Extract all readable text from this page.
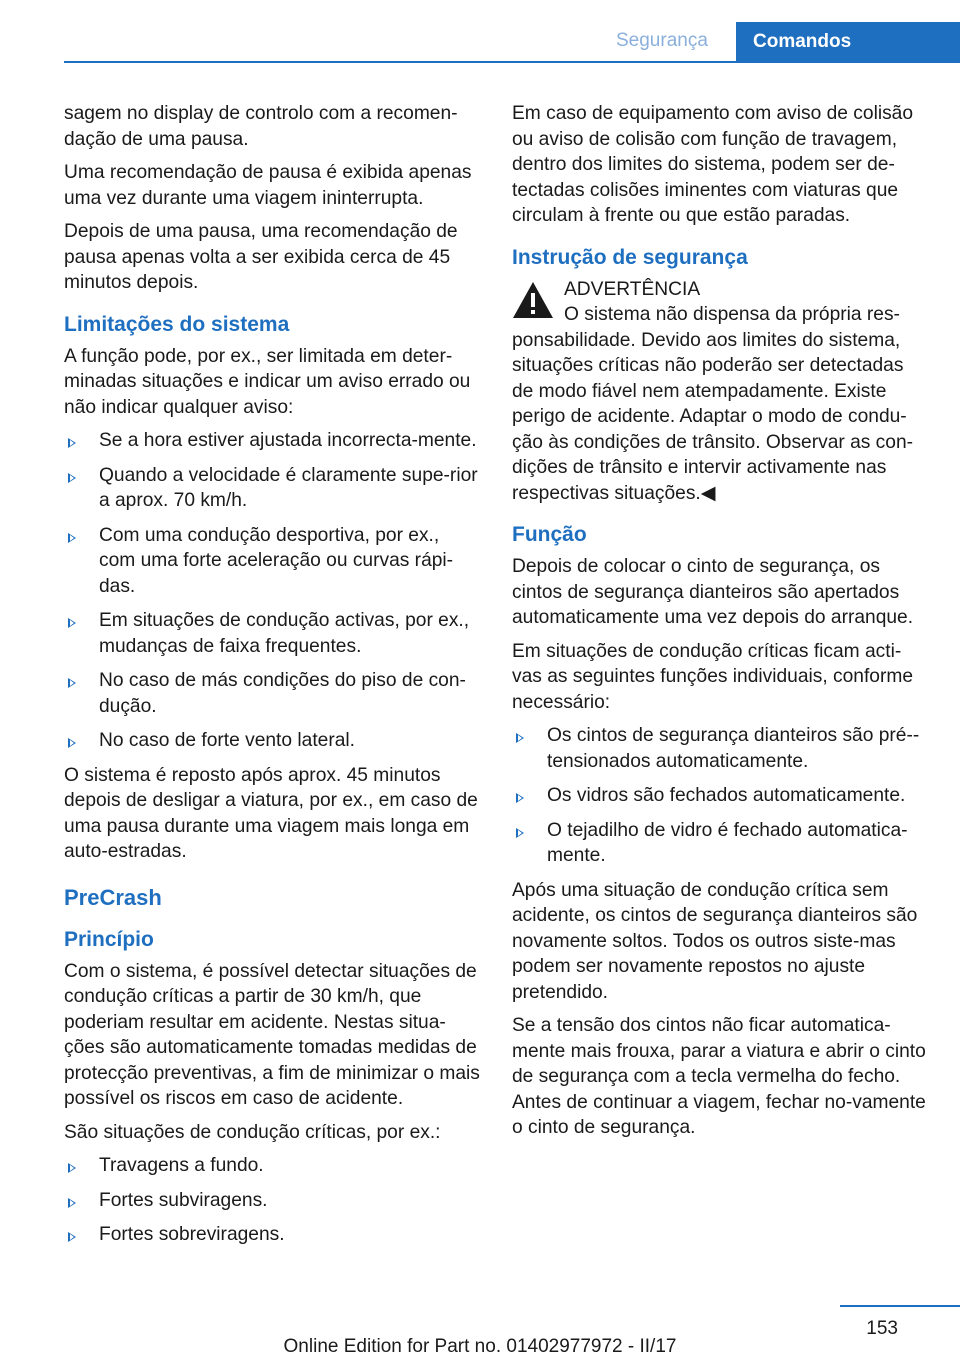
Segurança	Comandos

sagem no display de controlo com a recomen-dação de uma pausa.

Uma recomendação de pausa é exibida apenas uma vez durante uma viagem ininterrupta.

Depois de uma pausa, uma recomendação de pausa apenas volta a ser exibida cerca de 45 minutos depois.

Limitações do sistema

A função pode, por ex., ser limitada em deter-minadas situações e indicar um aviso errado ou não indicar qualquer aviso:

Se a hora estiver ajustada incorrecta-mente.
Quando a velocidade é claramente supe-rior a aprox. 70 km/h.
Com uma condução desportiva, por ex., com uma forte aceleração ou curvas rápi-das.
Em situações de condução activas, por ex., mudanças de faixa frequentes.
No caso de más condições do piso de con-dução.
No caso de forte vento lateral.

O sistema é reposto após aprox. 45 minutos depois de desligar a viatura, por ex., em caso de uma pausa durante uma viagem mais longa em auto-estradas.

PreCrash
Princípio

Com o sistema, é possível detectar situações de condução críticas a partir de 30 km/h, que poderiam resultar em acidente. Nestas situa-ções são automaticamente tomadas medidas de protecção preventivas, a fim de minimizar o mais possível os riscos em caso de acidente.

São situações de condução críticas, por ex.:

Travagens a fundo.
Fortes subviragens.
Fortes sobreviragens.

Em caso de equipamento com aviso de colisão ou aviso de colisão com função de travagem, dentro dos limites do sistema, podem ser de-tectadas colisões iminentes com viaturas que circulam à frente ou que estão paradas.

Instrução de segurança
ADVERTÊNCIA

O sistema não dispensa da própria res-ponsabilidade. Devido aos limites do sistema, situações críticas não poderão ser detectadas de modo fiável nem atempadamente. Existe perigo de acidente. Adaptar o modo de condu-ção às condições de trânsito. Observar as con-dições de trânsito e intervir activamente nas respectivas situações.◀

Função

Depois de colocar o cinto de segurança, os cintos de segurança dianteiros são apertados automaticamente uma vez depois do arranque.

Em situações de condução críticas ficam acti-vas as seguintes funções individuais, conforme necessário:

Os cintos de segurança dianteiros são pré--tensionados automaticamente.
Os vidros são fechados automaticamente.
O tejadilho de vidro é fechado automatica-mente.

Após uma situação de condução crítica sem acidente, os cintos de segurança dianteiros são novamente soltos. Todos os outros siste-mas podem ser novamente repostos no ajuste pretendido.

Se a tensão dos cintos não ficar automatica-mente mais frouxa, parar a viatura e abrir o cinto de segurança com a tecla vermelha do fecho. Antes de continuar a viagem, fechar no-vamente o cinto de segurança.

153
Online Edition for Part no. 01402977972 - II/17
